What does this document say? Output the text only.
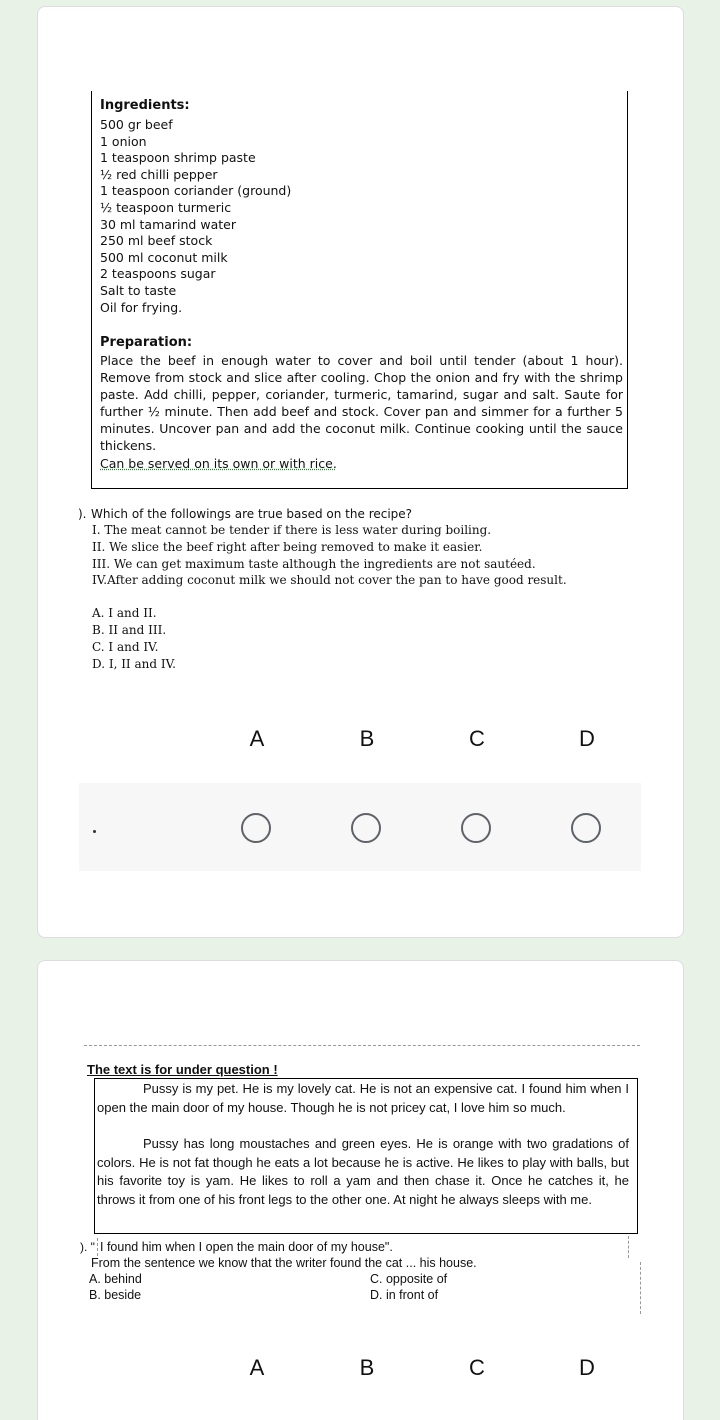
Ingredients:
500 gr beef
1 onion
1 teaspoon shrimp paste
½ red chilli pepper
1 teaspoon coriander (ground)
½ teaspoon turmeric
30 ml tamarind water
250 ml beef stock
500 ml coconut milk
2 teaspoons sugar
Salt to taste
Oil for frying.
Preparation:
Place the beef in enough water to cover and boil until tender (about 1 hour). Remove from stock and slice after cooling. Chop the onion and fry with the shrimp paste. Add chilli, pepper, coriander, turmeric, tamarind, sugar and salt. Saute for further ½ minute. Then add beef and stock. Cover pan and simmer for a further 5 minutes. Uncover pan and add the coconut milk. Continue cooking until the sauce thickens.
Can be served on its own or with rice.
). Which of the followings are true based on the recipe?
I. The meat cannot be tender if there is less water during boiling.
II. We slice the beef right after being removed to make it easier.
III. We can get maximum taste although the ingredients are not sautéed.
IV.After adding coconut milk we should not cover the pan to have good result.
A. I and II.
B. II and III.
C. I and IV.
D. I, II and IV.
A	B	C	D
The text is for under question !
Pussy is my pet. He is my lovely cat. He is not an expensive cat. I found him when I open the main door of my house. Though he is not pricey cat, I love him so much.
Pussy has long moustaches and green eyes. He is orange with two gradations of colors. He is not fat though he eats a lot because he is active. He likes to play with balls, but his favorite toy is yam. He likes to roll a yam and then chase it. Once he catches it, he throws it from one of his front legs to the other one. At night he always sleeps with me.
). " I found him when I open the main door of my house".
From the sentence we know that the writer found the cat ... his house.
A. behind
B. beside
C. opposite of
D. in front of
A	B	C	D
